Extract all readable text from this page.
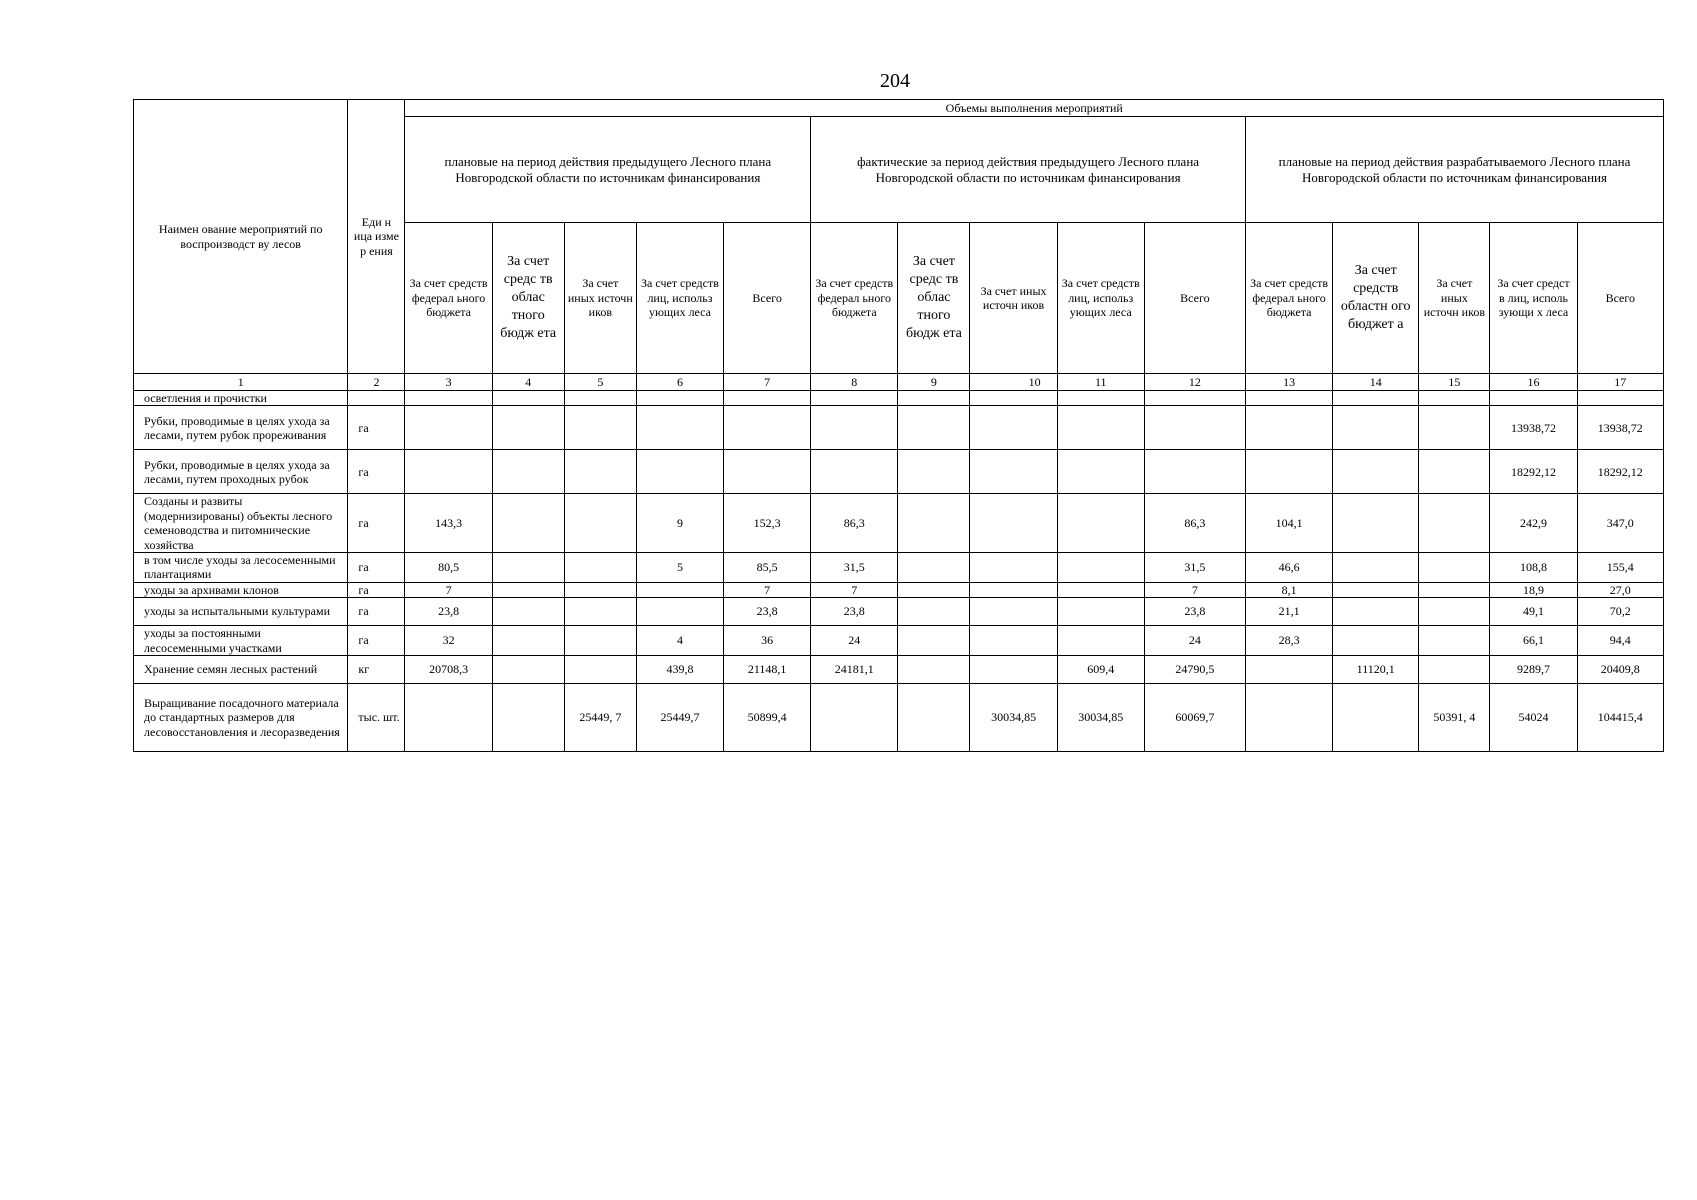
204
Наимен ование мероприятий по воспроизводст ву лесов	Еди н ица изме р ения	Объемы выполнения мероприятий														
		плановые на период действия предыдущего Лесного плана Новгородской области по источникам финансирования					фактические за период действия предыдущего Лесного плана Новгородской области по источникам финансирования					плановые на период действия разрабатываемого Лесного плана Новгородской области по источникам финансирования				
		За счет средств федерал ьного бюджета	За счет средс тв облас тного бюдж ета	За счет иных источн иков	За счет средств лиц, использ ующих леса	Всего	За счет средств федерал ьного бюджета	За счет средс тв облас тного бюдж ета	За счет иных источн иков	За счет средств лиц, использ ующих леса	Всего	За счет средств федерал ьного бюджета	За счет средств областн ого бюджет а	За счет иных источн иков	За счет средст в лиц, исполь зующи х леса	Всего
1	2	3	4	5	6	7	8	9	10	11	12	13	14	15	16	17
осветления и прочистки																
Рубки, проводимые в целях ухода за лесами, путем рубок прореживания	га														13938,72	13938,72
Рубки, проводимые в целях ухода за лесами, путем проходных рубок	га														18292,12	18292,12
Созданы и развиты (модернизированы) объекты лесного семеноводства и питомнические хозяйства	га	143,3			9	152,3	86,3				86,3	104,1			242,9	347,0
в том числе уходы за лесосеменными плантациями	га	80,5			5	85,5	31,5				31,5	46,6			108,8	155,4
уходы за архивами клонов	га	7				7	7				7	8,1			18,9	27,0
уходы за испытальными культурами	га	23,8				23,8	23,8				23,8	21,1			49,1	70,2
уходы за постоянными лесосеменными участками	га	32			4	36	24				24	28,3			66,1	94,4
Хранение семян лесных растений	кг	20708,3			439,8	21148,1	24181,1			609,4	24790,5		11120,1		9289,7	20409,8
Выращивание посадочного материала до стандартных размеров для лесовосстановления и лесоразведения	тыс. шт.			25449, 7	25449,7	50899,4			30034,85	30034,85	60069,7			50391, 4	54024	104415,4
